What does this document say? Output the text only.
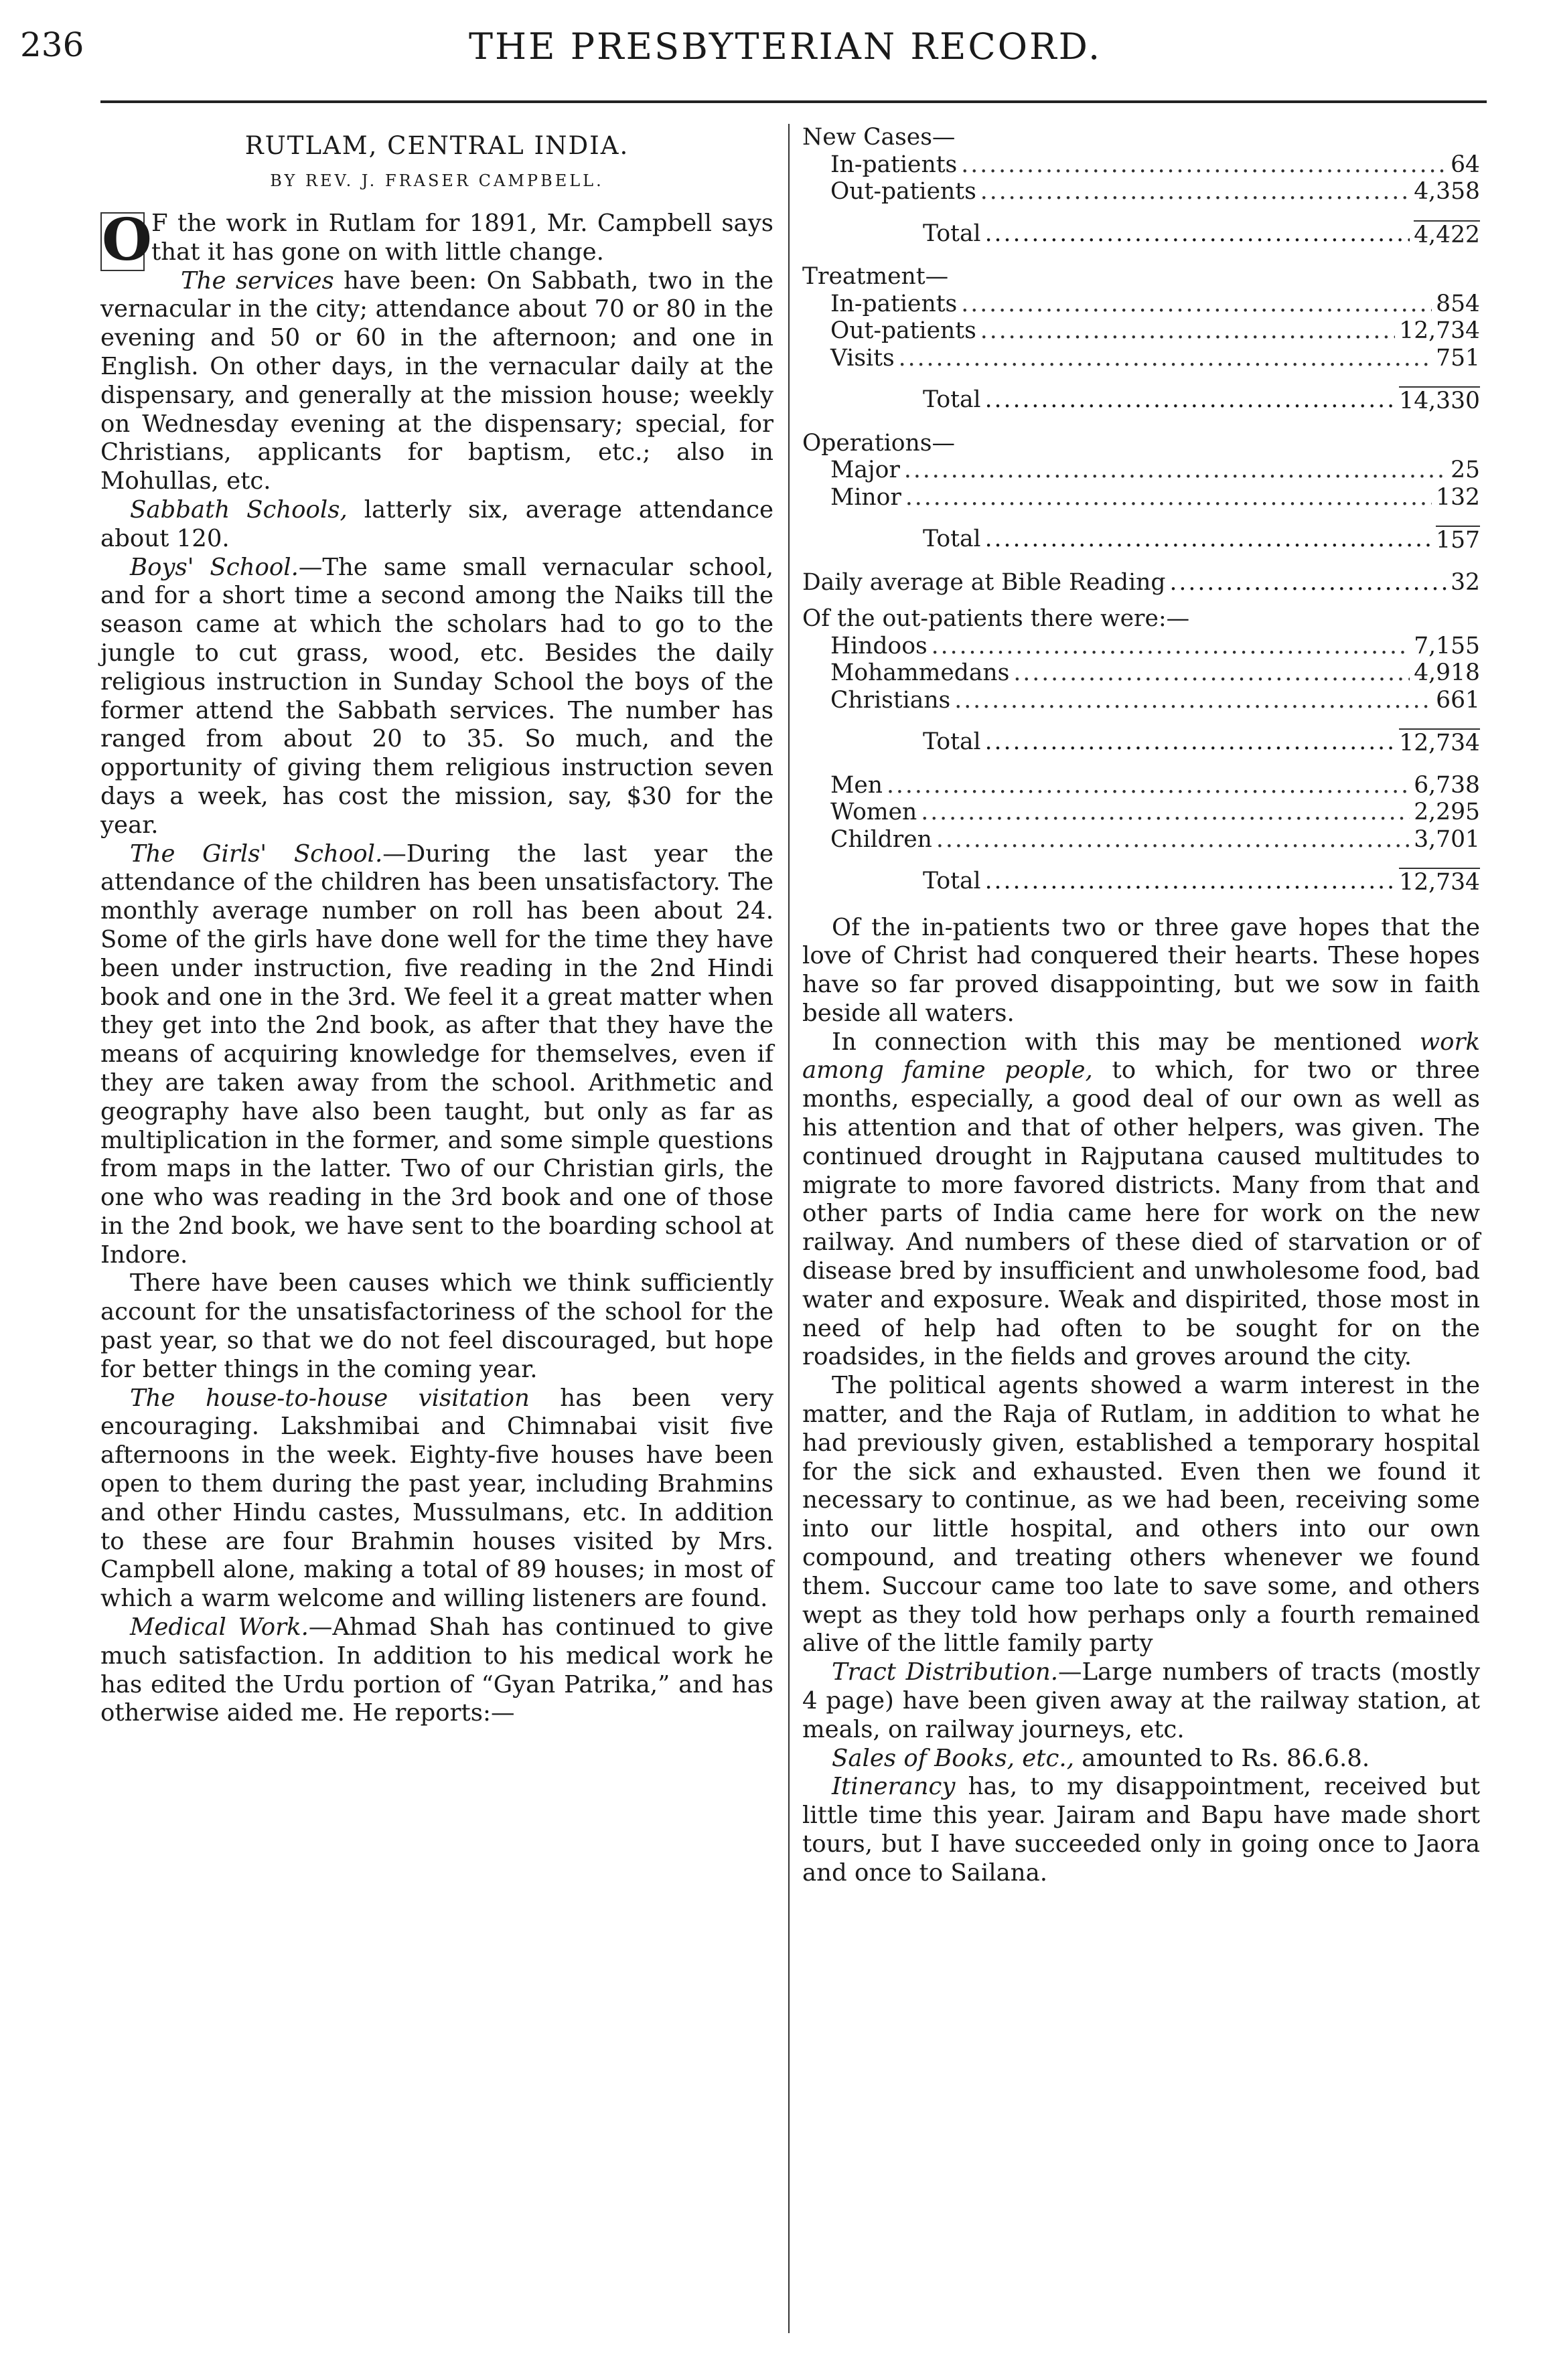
236	THE PRESBYTERIAN RECORD.
RUTLAM, CENTRAL INDIA.
BY REV. J. FRASER CAMPBELL.

O F the work in Rutlam for 1891, Mr. Campbell says that it has gone on with little change.

The services have been: On Sabbath, two in the vernacular in the city; attendance about 70 or 80 in the evening and 50 or 60 in the afternoon; and one in English. On other days, in the vernacular daily at the dispensary, and generally at the mission house; weekly on Wednesday evening at the dispensary; special, for Christians, applicants for baptism, etc.; also in Mohullas, etc.

Sabbath Schools, latterly six, average attendance about 120.

Boys' School.—The same small vernacular school, and for a short time a second among the Naiks till the season came at which the scholars had to go to the jungle to cut grass, wood, etc. Besides the daily religious instruction in Sunday School the boys of the former attend the Sabbath services. The number has ranged from about 20 to 35. So much, and the opportunity of giving them religious instruction seven days a week, has cost the mission, say, $30 for the year.

The Girls' School.—During the last year the attendance of the children has been unsatisfactory. The monthly average number on roll has been about 24. Some of the girls have done well for the time they have been under instruction, five reading in the 2nd Hindi book and one in the 3rd. We feel it a great matter when they get into the 2nd book, as after that they have the means of acquiring knowledge for themselves, even if they are taken away from the school. Arithmetic and geography have also been taught, but only as far as multiplication in the former, and some simple questions from maps in the latter. Two of our Christian girls, the one who was reading in the 3rd book and one of those in the 2nd book, we have sent to the boarding school at Indore.

There have been causes which we think sufficiently account for the unsatisfactoriness of the school for the past year, so that we do not feel discouraged, but hope for better things in the coming year.

The house-to-house visitation has been very encouraging. Lakshmibai and Chimnabai visit five afternoons in the week. Eighty-five houses have been open to them during the past year, including Brahmins and other Hindu castes, Mussulmans, etc. In addition to these are four Brahmin houses visited by Mrs. Campbell alone, making a total of 89 houses; in most of which a warm welcome and willing listeners are found.

Medical Work.—Ahmad Shah has continued to give much satisfaction. In addition to his medical work he has edited the Urdu portion of “Gyan Patrika,” and has otherwise aided me. He reports:—

New Cases—

In-patients .....	64
Out-patients .....	4,358
Total .....	4,422

Treatment—

In-patients .....	854
Out-patients .....	12,734
Visits .....	751
Total .....	14,330

Operations—

Major .....	25
Minor .....	132
Total .....	157
Daily average at Bible Reading .....	32

Of the out-patients there were:—

Hindoos .....	7,155
Mohammedans .....	4,918
Christians .....	661
Total .....	12,734
Men .....	6,738
Women .....	2,295
Children .....	3,701
Total .....	12,734

Of the in-patients two or three gave hopes that the love of Christ had conquered their hearts. These hopes have so far proved disappointing, but we sow in faith beside all waters.

In connection with this may be mentioned work among famine people, to which, for two or three months, especially, a good deal of our own as well as his attention and that of other helpers, was given. The continued drought in Rajputana caused multitudes to migrate to more favored districts. Many from that and other parts of India came here for work on the new railway. And numbers of these died of starvation or of disease bred by insufficient and unwholesome food, bad water and exposure. Weak and dispirited, those most in need of help had often to be sought for on the roadsides, in the fields and groves around the city.

The political agents showed a warm interest in the matter, and the Raja of Rutlam, in addition to what he had previously given, established a temporary hospital for the sick and exhausted. Even then we found it necessary to continue, as we had been, receiving some into our little hospital, and others into our own compound, and treating others whenever we found them. Succour came too late to save some, and others wept as they told how perhaps only a fourth remained alive of the little family party

Tract Distribution.—Large numbers of tracts (mostly 4 page) have been given away at the railway station, at meals, on railway journeys, etc.

Sales of Books, etc., amounted to Rs. 86.6.8.

Itinerancy has, to my disappointment, received but little time this year. Jairam and Bapu have made short tours, but I have succeeded only in going once to Jaora and once to Sailana.
